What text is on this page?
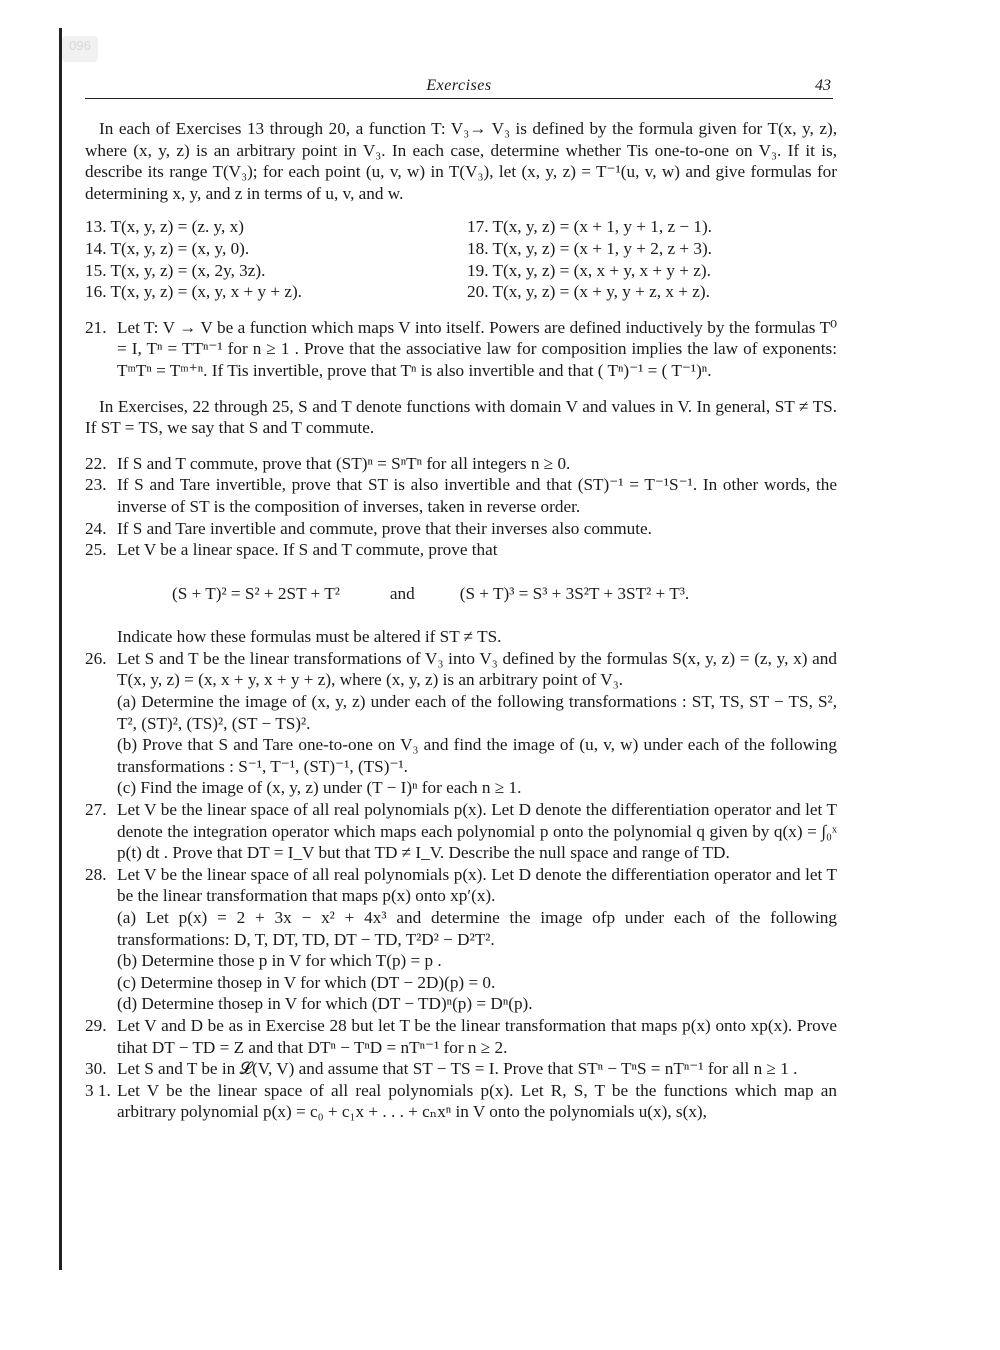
096
Exercises	43

In each of Exercises 13 through 20, a function T: V₃→ V₃ is defined by the formula given for T(x, y, z), where (x, y, z) is an arbitrary point in V₃. In each case, determine whether Tis one-to-one on V₃. If it is, describe its range T(V₃); for each point (u, v, w) in T(V₃), let (x, y, z) = T⁻¹(u, v, w) and give formulas for determining x, y, and z in terms of u, v, and w.

13. T(x, y, z) = (z. y, x)	17. T(x, y, z) = (x + 1, y + 1, z − 1).
14. T(x, y, z) = (x, y, 0).	18. T(x, y, z) = (x + 1, y + 2, z + 3).
15. T(x, y, z) = (x, 2y, 3z).	19. T(x, y, z) = (x, x + y, x + y + z).
16. T(x, y, z) = (x, y, x + y + z).	20. T(x, y, z) = (x + y, y + z, x + z).
21. Let T: V → V be a function which maps V into itself. Powers are defined inductively by the formulas T⁰ = I, Tⁿ = TTⁿ⁻¹ for n ≥ 1 . Prove that the associative law for composition implies the law of exponents: TᵐTⁿ = Tᵐ⁺ⁿ. If Tis invertible, prove that Tⁿ is also invertible and that ( Tⁿ)⁻¹ = ( T⁻¹)ⁿ.

In Exercises, 22 through 25, S and T denote functions with domain V and values in V. In general, ST ≠ TS. If ST = TS, we say that S and T commute.

22. If S and T commute, prove that (ST)ⁿ = SⁿTⁿ for all integers n ≥ 0.
23. If S and Tare invertible, prove that ST is also invertible and that (ST)⁻¹ = T⁻¹S⁻¹. In other words, the inverse of ST is the composition of inverses, taken in reverse order.
24. If S and Tare invertible and commute, prove that their inverses also commute.
25. Let V be a linear space. If S and T commute, prove that
(S + T)² = S² + 2ST + T²	and	(S + T)³ = S³ + 3S²T + 3ST² + T³.
Indicate how these formulas must be altered if ST ≠ TS.
26. Let S and T be the linear transformations of V₃ into V₃ defined by the formulas S(x, y, z) = (z, y, x) and T(x, y, z) = (x, x + y, x + y + z), where (x, y, z) is an arbitrary point of V₃.
(a) Determine the image of (x, y, z) under each of the following transformations : ST, TS, ST − TS, S², T², (ST)², (TS)², (ST − TS)².
(b) Prove that S and Tare one-to-one on V₃ and find the image of (u, v, w) under each of the following transformations : S⁻¹, T⁻¹, (ST)⁻¹, (TS)⁻¹.
(c) Find the image of (x, y, z) under (T − I)ⁿ for each n ≥ 1.
27. Let V be the linear space of all real polynomials p(x). Let D denote the differentiation operator and let T denote the integration operator which maps each polynomial p onto the polynomial q given by q(x) = ∫₀ˣ p(t) dt . Prove that DT = I_V but that TD ≠ I_V. Describe the null space and range of TD.
28. Let V be the linear space of all real polynomials p(x). Let D denote the differentiation operator and let T be the linear transformation that maps p(x) onto xp′(x).
(a) Let p(x) = 2 + 3x − x² + 4x³ and determine the image ofp under each of the following transformations: D, T, DT, TD, DT − TD, T²D² − D²T².
(b) Determine those p in V for which T(p) = p .
(c) Determine thosep in V for which (DT − 2D)(p) = 0.
(d) Determine thosep in V for which (DT − TD)ⁿ(p) = Dⁿ(p).
29. Let V and D be as in Exercise 28 but let T be the linear transformation that maps p(x) onto xp(x). Prove tihat DT − TD = Z and that DTⁿ − TⁿD = nTⁿ⁻¹ for n ≥ 2.
30. Let S and T be in 𝓛(V, V) and assume that ST − TS = I. Prove that STⁿ − TⁿS = nTⁿ⁻¹ for all n ≥ 1 .
3 1. Let V be the linear space of all real polynomials p(x). Let R, S, T be the functions which map an arbitrary polynomial p(x) = c₀ + c₁x + . . . + cₙxⁿ in V onto the polynomials u(x), s(x),
